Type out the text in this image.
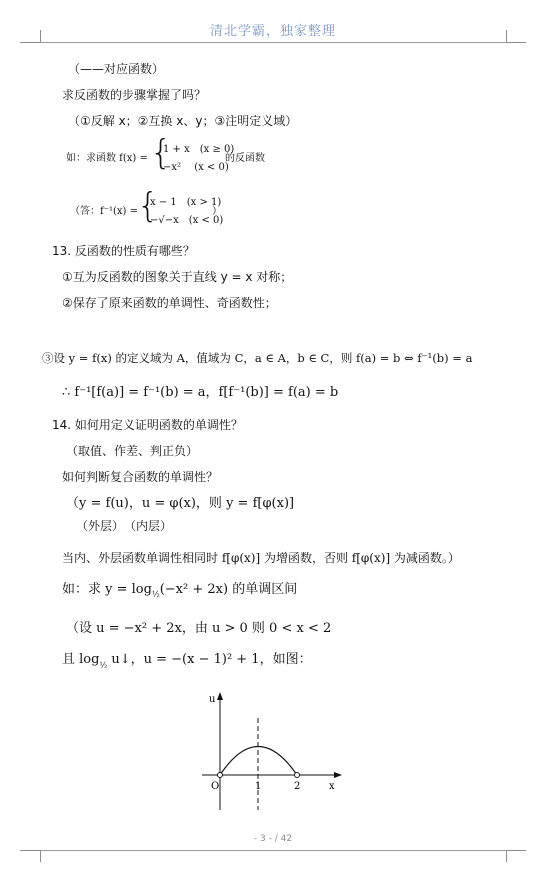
清北学霸，独家整理
（——对应函数）
求反函数的步骤掌握了吗？
（①反解 x；②互换 x、y；③注明定义域）
如：求函数 f(x) = {
1 + x　(x ≥ 0)
−x²　 (x < 0)
的反函数
（答：f⁻¹(x) = {
x − 1　(x > 1)
−√−x　(x < 0)
）
13. 反函数的性质有哪些？
①互为反函数的图象关于直线 y = x 对称；
②保存了原来函数的单调性、奇函数性；
③设 y = f(x) 的定义域为 A，值域为 C，a ∈ A，b ∈ C，则 f(a) = b ⇔ f⁻¹(b) = a
∴ f⁻¹[f(a)] = f⁻¹(b) = a，f[f⁻¹(b)] = f(a) = b
14. 如何用定义证明函数的单调性？
（取值、作差、判正负）
如何判断复合函数的单调性？
（y = f(u)，u = φ(x)，则 y = f[φ(x)]
（外层）　（内层）
当内、外层函数单调性相同时 f[φ(x)] 为增函数，否则 f[φ(x)] 为减函数。）
如：求 $y = \log_{\frac{1}{2}}(-x^2 + 2x)$ 的单调区间
（设 u = −x² + 2x，由 u > 0 则 0 < x < 2
且 $\log_{\frac{1}{2}}$ u↓，u = −(x − 1)² + 1，如图：
u
x
O	1	2
- 3 - / 42
